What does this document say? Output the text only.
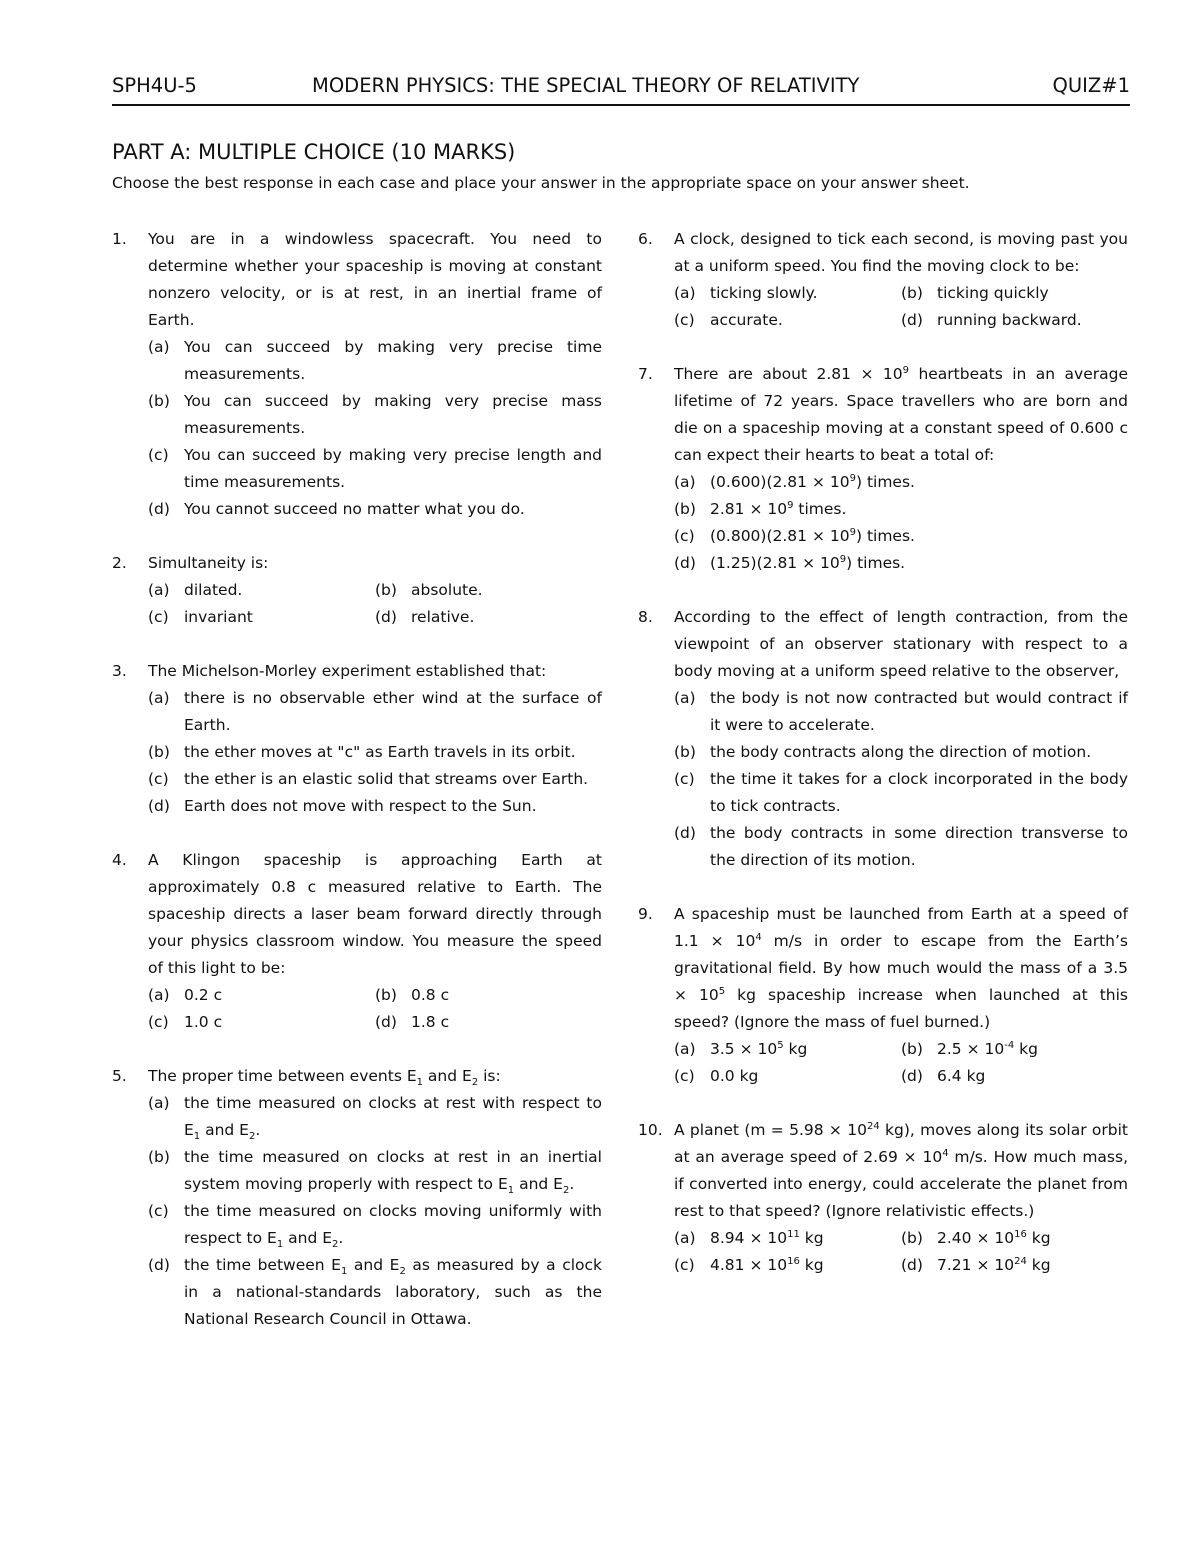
SPH4U-5	MODERN PHYSICS: THE SPECIAL THEORY OF RELATIVITY	QUIZ#1
PART A: MULTIPLE CHOICE (10 MARKS)
Choose the best response in each case and place your answer in the appropriate space on your answer sheet.
1. You are in a windowless spacecraft. You need to determine whether your spaceship is moving at constant nonzero velocity, or is at rest, in an inertial frame of Earth.
(a) You can succeed by making very precise time measurements.
(b) You can succeed by making very precise mass measurements.
(c) You can succeed by making very precise length and time measurements.
(d) You cannot succeed no matter what you do.
2. Simultaneity is:
(a) dilated.	(b) absolute.
(c) invariant	(d) relative.
3. The Michelson-Morley experiment established that:
(a) there is no observable ether wind at the surface of Earth.
(b) the ether moves at "c" as Earth travels in its orbit.
(c) the ether is an elastic solid that streams over Earth.
(d) Earth does not move with respect to the Sun.
4. A Klingon spaceship is approaching Earth at approximately 0.8 c measured relative to Earth. The spaceship directs a laser beam forward directly through your physics classroom window. You measure the speed of this light to be:
(a) 0.2 c	(b) 0.8 c
(c) 1.0 c	(d) 1.8 c
5. The proper time between events $E_1$ and $E_2$ is:
(a) the time measured on clocks at rest with respect to $E_1$ and $E_2$.
(b) the time measured on clocks at rest in an inertial system moving properly with respect to $E_1$ and $E_2$.
(c) the time measured on clocks moving uniformly with respect to $E_1$ and $E_2$.
(d) the time between $E_1$ and $E_2$ as measured by a clock in a national-standards laboratory, such as the National Research Council in Ottawa.
6. A clock, designed to tick each second, is moving past you at a uniform speed. You find the moving clock to be:
(a) ticking slowly.	(b) ticking quickly
(c) accurate.	(d) running backward.
7. There are about $2.81 \times 10^9$ heartbeats in an average lifetime of 72 years. Space travellers who are born and die on a spaceship moving at a constant speed of 0.600 c can expect their hearts to beat a total of:
(a) $(0.600)(2.81 \times 10^9)$ times.
(b) $2.81 \times 10^9$ times.
(c) $(0.800)(2.81 \times 10^9)$ times.
(d) $(1.25)(2.81 \times 10^9)$ times.
8. According to the effect of length contraction, from the viewpoint of an observer stationary with respect to a body moving at a uniform speed relative to the observer,
(a) the body is not now contracted but would contract if it were to accelerate.
(b) the body contracts along the direction of motion.
(c) the time it takes for a clock incorporated in the body to tick contracts.
(d) the body contracts in some direction transverse to the direction of its motion.
9. A spaceship must be launched from Earth at a speed of $1.1 \times 10^4$ m/s in order to escape from the Earth’s gravitational field. By how much would the mass of a $3.5 \times 10^5$ kg spaceship increase when launched at this speed? (Ignore the mass of fuel burned.)
(a) $3.5 \times 10^5$ kg	(b) $2.5 \times 10^{-4}$ kg
(c) 0.0 kg	(d) 6.4 kg
10. A planet ($m = 5.98 \times 10^{24}$ kg), moves along its solar orbit at an average speed of $2.69 \times 10^4$ m/s. How much mass, if converted into energy, could accelerate the planet from rest to that speed? (Ignore relativistic effects.)
(a) $8.94 \times 10^{11}$ kg	(b) $2.40 \times 10^{16}$ kg
(c) $4.81 \times 10^{16}$ kg	(d) $7.21 \times 10^{24}$ kg
